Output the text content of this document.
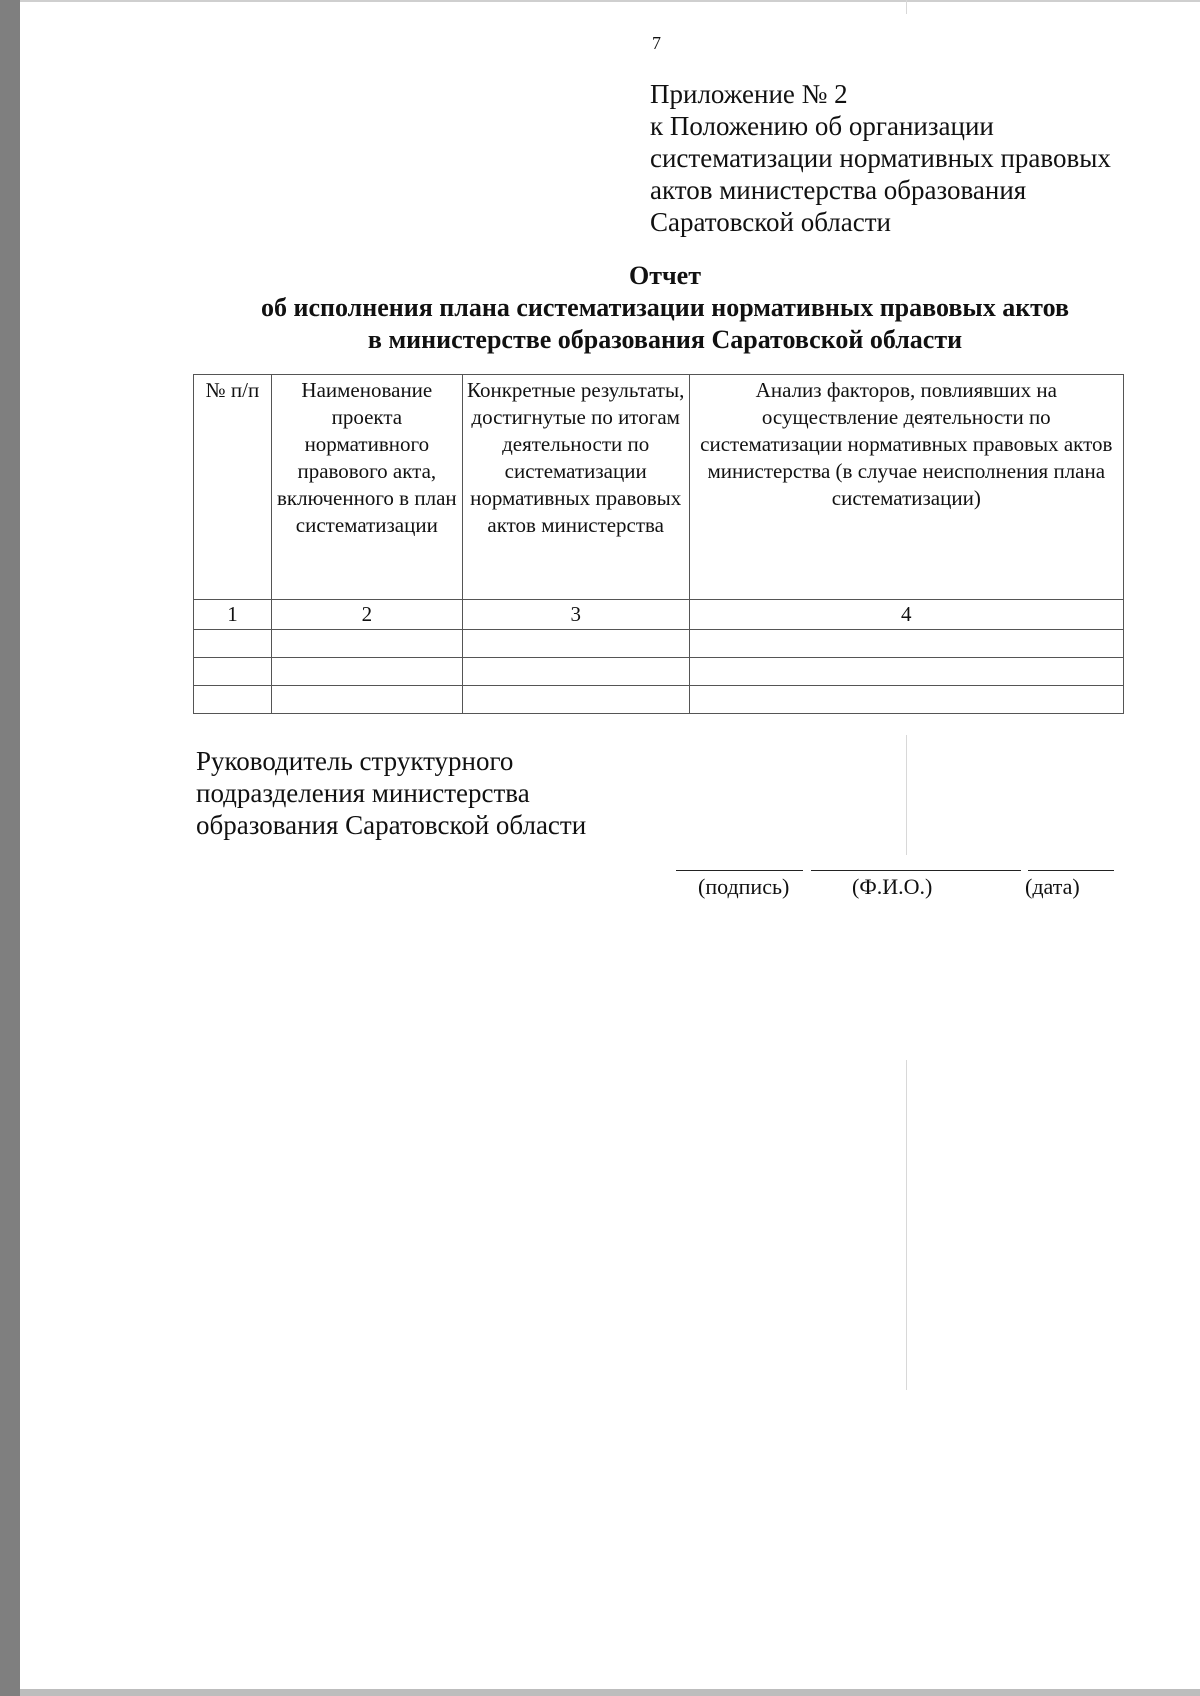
7
Приложение № 2
к Положению об организации
систематизации нормативных правовых
актов министерства образования
Саратовской области
Отчет
об исполнения плана систематизации нормативных правовых актов
в министерстве образования Саратовской области
№ п/п	Наименование проекта нормативного правового акта, включенного в план систематизации	Конкретные результаты, достигнутые по итогам деятельности по систематизации нормативных правовых актов министерства	Анализ факторов, повлиявших на осуществление деятельности по систематизации нормативных правовых актов министерства (в случае неисполнения плана систематизации)
1	2	3	4

Руководитель структурного
подразделения министерства
образования Саратовской области
(подпись)	(Ф.И.О.)	(дата)
